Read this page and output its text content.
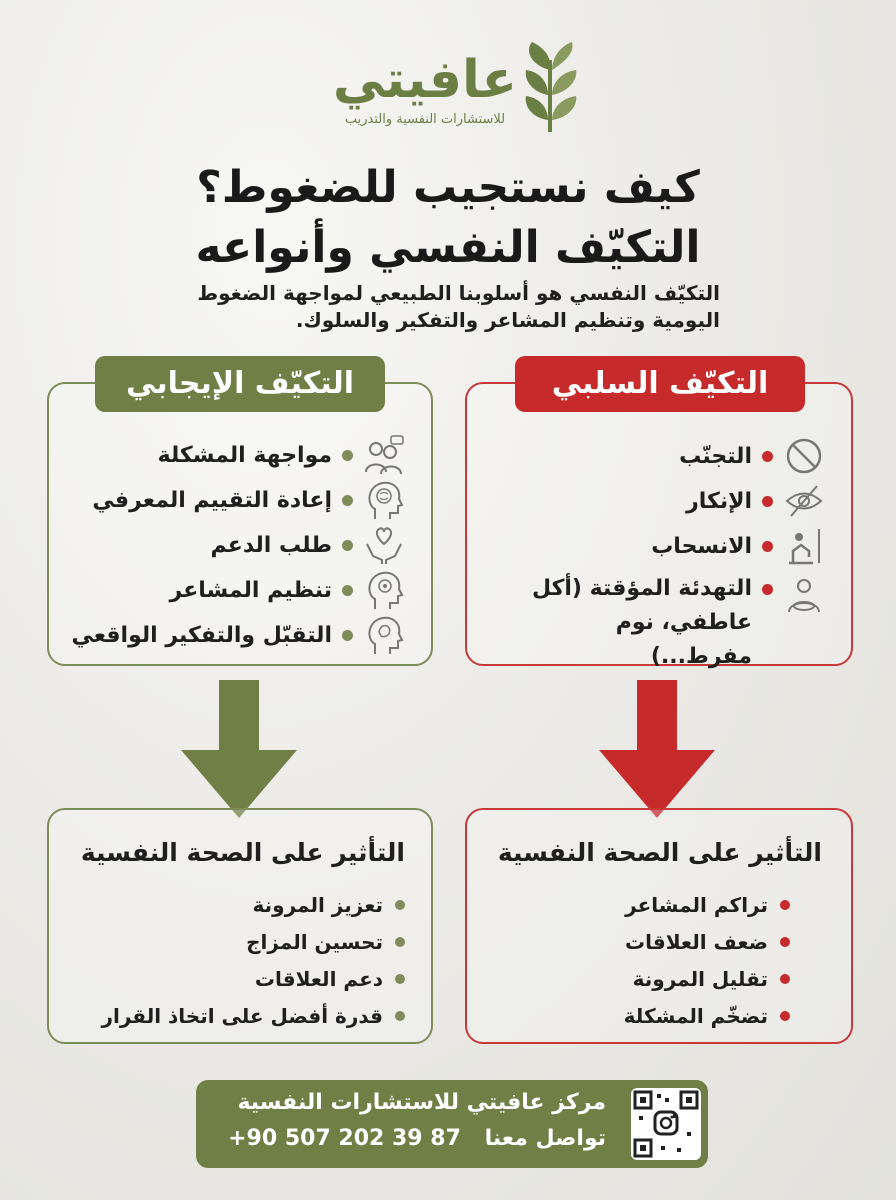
عافيتي
للاستشارات النفسية والتدريب
كيف نستجيب للضغوط؟
التكيّف النفسي وأنواعه
التكيّف النفسي هو أسلوبنا الطبيعي لمواجهة الضغوط اليومية وتنظيم المشاعر والتفكير والسلوك.
التكيّف الإيجابي
مواجهة المشكلة
إعادة التقييم المعرفي
طلب الدعم
تنظيم المشاعر
التقبّل والتفكير الواقعي
التكيّف السلبي
التجنّب
الإنكار
الانسحاب
التهدئة المؤقتة (أكل عاطفي، نوم مفرط...)
التأثير على الصحة النفسية
تعزيز المرونة
تحسين المزاج
دعم العلاقات
قدرة أفضل على اتخاذ القرار
التأثير على الصحة النفسية
تراكم المشاعر
ضعف العلاقات
تقليل المرونة
تضخّم المشكلة
مركز عافيتي للاستشارات النفسية
تواصل معنا +90 507 202 39 87
